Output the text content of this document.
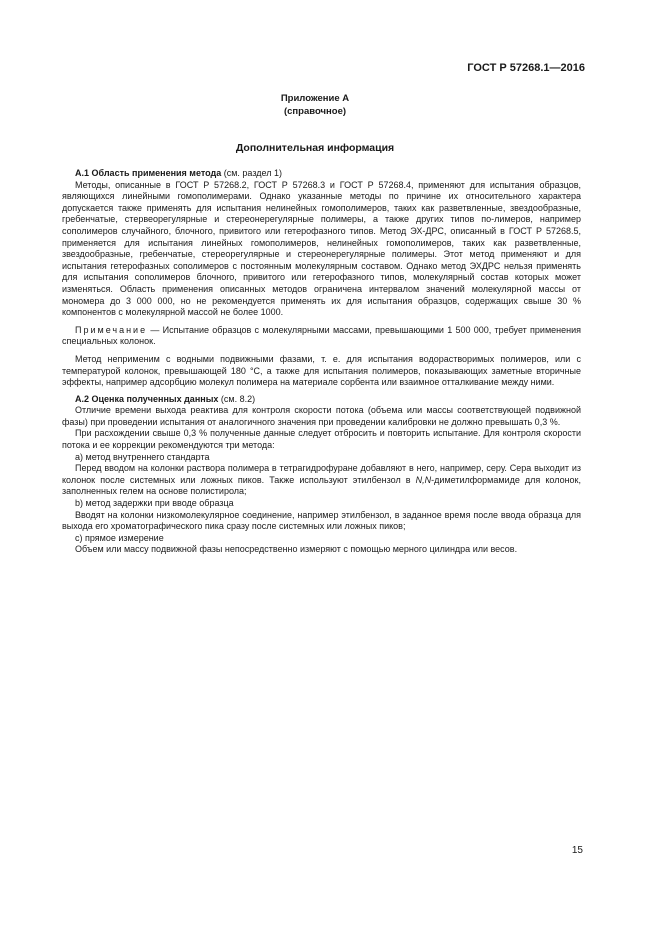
ГОСТ Р 57268.1—2016
Приложение А
(справочное)
Дополнительная информация

А.1 Область применения метода (см. раздел 1)

Методы, описанные в ГОСТ Р 57268.2, ГОСТ Р 57268.3 и ГОСТ Р 57268.4, применяют для испытания образцов, являющихся линейными гомополимерами. Однако указанные методы по причине их относительного характера допускается также применять для испытания нелинейных гомополимеров, таких как разветвленные, звездообразные, гребенчатые, стервеорегулярные и стереонерегулярные полимеры, а также других типов по-лимеров, например сополимеров случайного, блочного, привитого или гетерофазного типов. Метод ЭХ-ДРС, описанный в ГОСТ Р 57268.5, применяется для испытания линейных гомополимеров, нелинейных гомополимеров, таких как разветвленные, звездообразные, гребенчатые, стереорегулярные и стереонерегулярные полимеры. Этот метод применяют и для испытания гетерофазных сополимеров с постоянным молекулярным составом. Однако метод ЭХДРС нельзя применять для испытания сополимеров блочного, привитого или гетерофазного типов, молекулярный состав которых может изменяться. Область применения описанных методов ограничена интервалом значений молекулярной массы от мономера до 3 000 000, но не рекомендуется применять их для испытания образцов, содержащих свыше 30 % компонентов с молекулярной массой не более 1000.

Примечание — Испытание образцов с молекулярными массами, превышающими 1 500 000, требует применения специальных колонок.

Метод неприменим с водными подвижными фазами, т. е. для испытания водорастворимых полимеров, или с температурой колонок, превышающей 180 °С, а также для испытания полимеров, показывающих заметные вторичные эффекты, например адсорбцию молекул полимера на материале сорбента или взаимное отталкивание между ними.

А.2 Оценка полученных данных (см. 8.2)

Отличие времени выхода реактива для контроля скорости потока (объема или массы соответствующей подвижной фазы) при проведении испытания от аналогичного значения при проведении калибровки не должно превышать 0,3 %.

При расхождении свыше 0,3 % полученные данные следует отбросить и повторить испытание. Для контроля скорости потока и ее коррекции рекомендуются три метода:

а) метод внутреннего стандарта

Перед вводом на колонки раствора полимера в тетрагидрофуране добавляют в него, например, серу. Сера выходит из колонок после системных или ложных пиков. Также используют этилбензол в N,N-диметилформамиде для колонок, заполненных гелем на основе полистирола;

b) метод задержки при вводе образца

Вводят на колонки низкомолекулярное соединение, например этилбензол, в заданное время после ввода образца для выхода его хроматографического пика сразу после системных или ложных пиков;

с) прямое измерение

Объем или массу подвижной фазы непосредственно измеряют с помощью мерного цилиндра или весов.

15
